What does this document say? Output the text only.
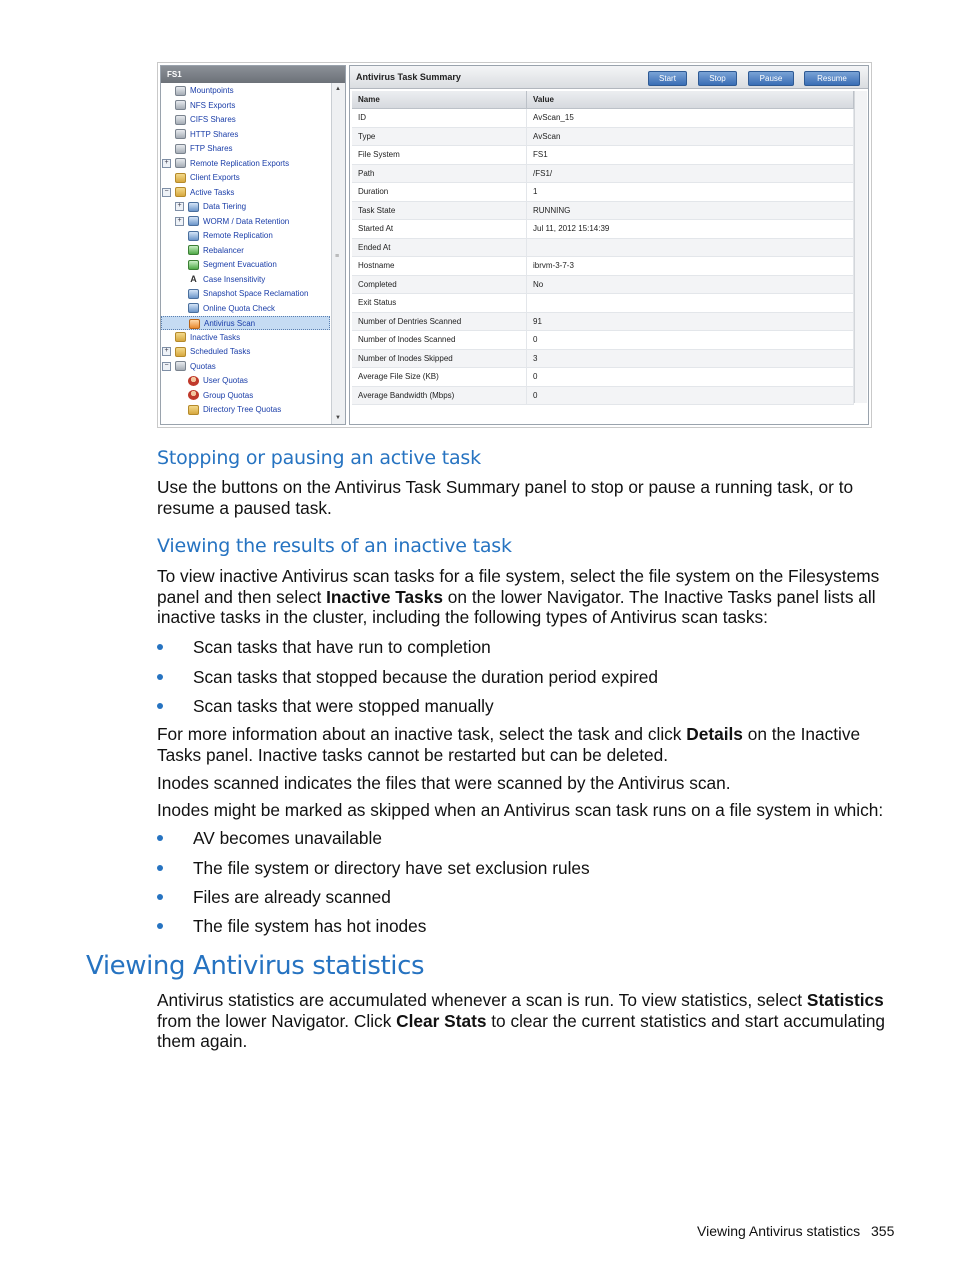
FS1
Mountpoints
NFS Exports
CIFS Shares
HTTP Shares
FTP Shares
+	Remote Replication Exports
Client Exports
−	Active Tasks
+	Data Tiering
+	WORM / Data Retention
Remote Replication
Rebalancer
Segment Evacuation
A Case Insensitivity
Snapshot Space Reclamation
Online Quota Check
Antivirus Scan
Inactive Tasks
+	Scheduled Tasks
−	Quotas
User Quotas
Group Quotas
Directory Tree Quotas
▲
≡
▼
Antivirus Task Summary	Start	Stop	Pause	Resume
Name	Value
ID	AvScan_15
Type	AvScan
File System	FS1
Path	/FS1/
Duration	1
Task State	RUNNING
Started At	Jul 11, 2012 15:14:39
Ended At	
Hostname	ibrvm-3-7-3
Completed	No
Exit Status	
Number of Dentries Scanned	91
Number of Inodes Scanned	0
Number of Inodes Skipped	3
Average File Size (KB)	0
Average Bandwidth (Mbps)	0
Stopping or pausing an active task

Use the buttons on the Antivirus Task Summary panel to stop or pause a running task, or to resume a paused task.

Viewing the results of an inactive task

To view inactive Antivirus scan tasks for a file system, select the file system on the Filesystems panel and then select Inactive Tasks on the lower Navigator. The Inactive Tasks panel lists all inactive tasks in the cluster, including the following types of Antivirus scan tasks:

Scan tasks that have run to completion
Scan tasks that stopped because the duration period expired
Scan tasks that were stopped manually

For more information about an inactive task, select the task and click Details on the Inactive Tasks panel. Inactive tasks cannot be restarted but can be deleted.

Inodes scanned indicates the files that were scanned by the Antivirus scan.

Inodes might be marked as skipped when an Antivirus scan task runs on a file system in which:

AV becomes unavailable
The file system or directory have set exclusion rules
Files are already scanned
The file system has hot inodes
Viewing Antivirus statistics

Antivirus statistics are accumulated whenever a scan is run. To view statistics, select Statistics from the lower Navigator. Click Clear Stats to clear the current statistics and start accumulating them again.

Viewing Antivirus statistics 355
